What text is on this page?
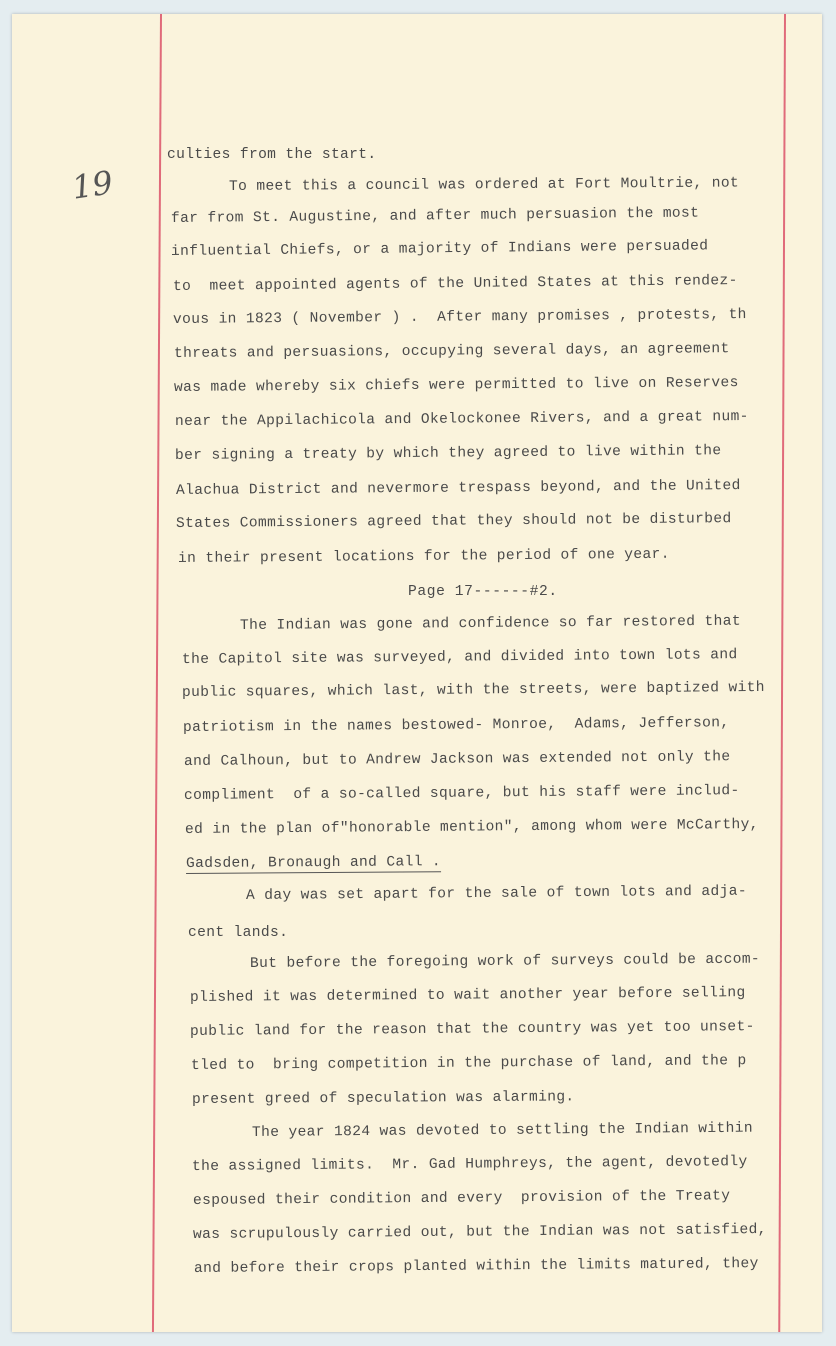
19
culties from the start.
To meet this a council was ordered at Fort Moultrie, not
far from St. Augustine, and after much persuasion the most
influential Chiefs, or a majority of Indians were persuaded
to  meet appointed agents of the United States at this rendez-
vous in 1823 ( November ) .  After many promises , protests, th
threats and persuasions, occupying several days, an agreement
was made whereby six chiefs were permitted to live on Reserves
near the Appilachicola and Okelockonee Rivers, and a great num-
ber signing a treaty by which they agreed to live within the
Alachua District and nevermore trespass beyond, and the United
States Commissioners agreed that they should not be disturbed
in their present locations for the period of one year.
Page 17------#2.
The Indian was gone and confidence so far restored that
the Capitol site was surveyed, and divided into town lots and
public squares, which last, with the streets, were baptized with
patriotism in the names bestowed- Monroe,  Adams, Jefferson,
and Calhoun, but to Andrew Jackson was extended not only the
compliment  of a so-called square, but his staff were includ-
ed in the plan of"honorable mention", among whom were McCarthy,
Gadsden, Bronaugh and Call .
A day was set apart for the sale of town lots and adja-
cent lands.
But before the foregoing work of surveys could be accom-
plished it was determined to wait another year before selling
public land for the reason that the country was yet too unset-
tled to  bring competition in the purchase of land, and the p
present greed of speculation was alarming.
The year 1824 was devoted to settling the Indian within
the assigned limits.  Mr. Gad Humphreys, the agent, devotedly
espoused their condition and every  provision of the Treaty
was scrupulously carried out, but the Indian was not satisfied,
and before their crops planted within the limits matured, they
